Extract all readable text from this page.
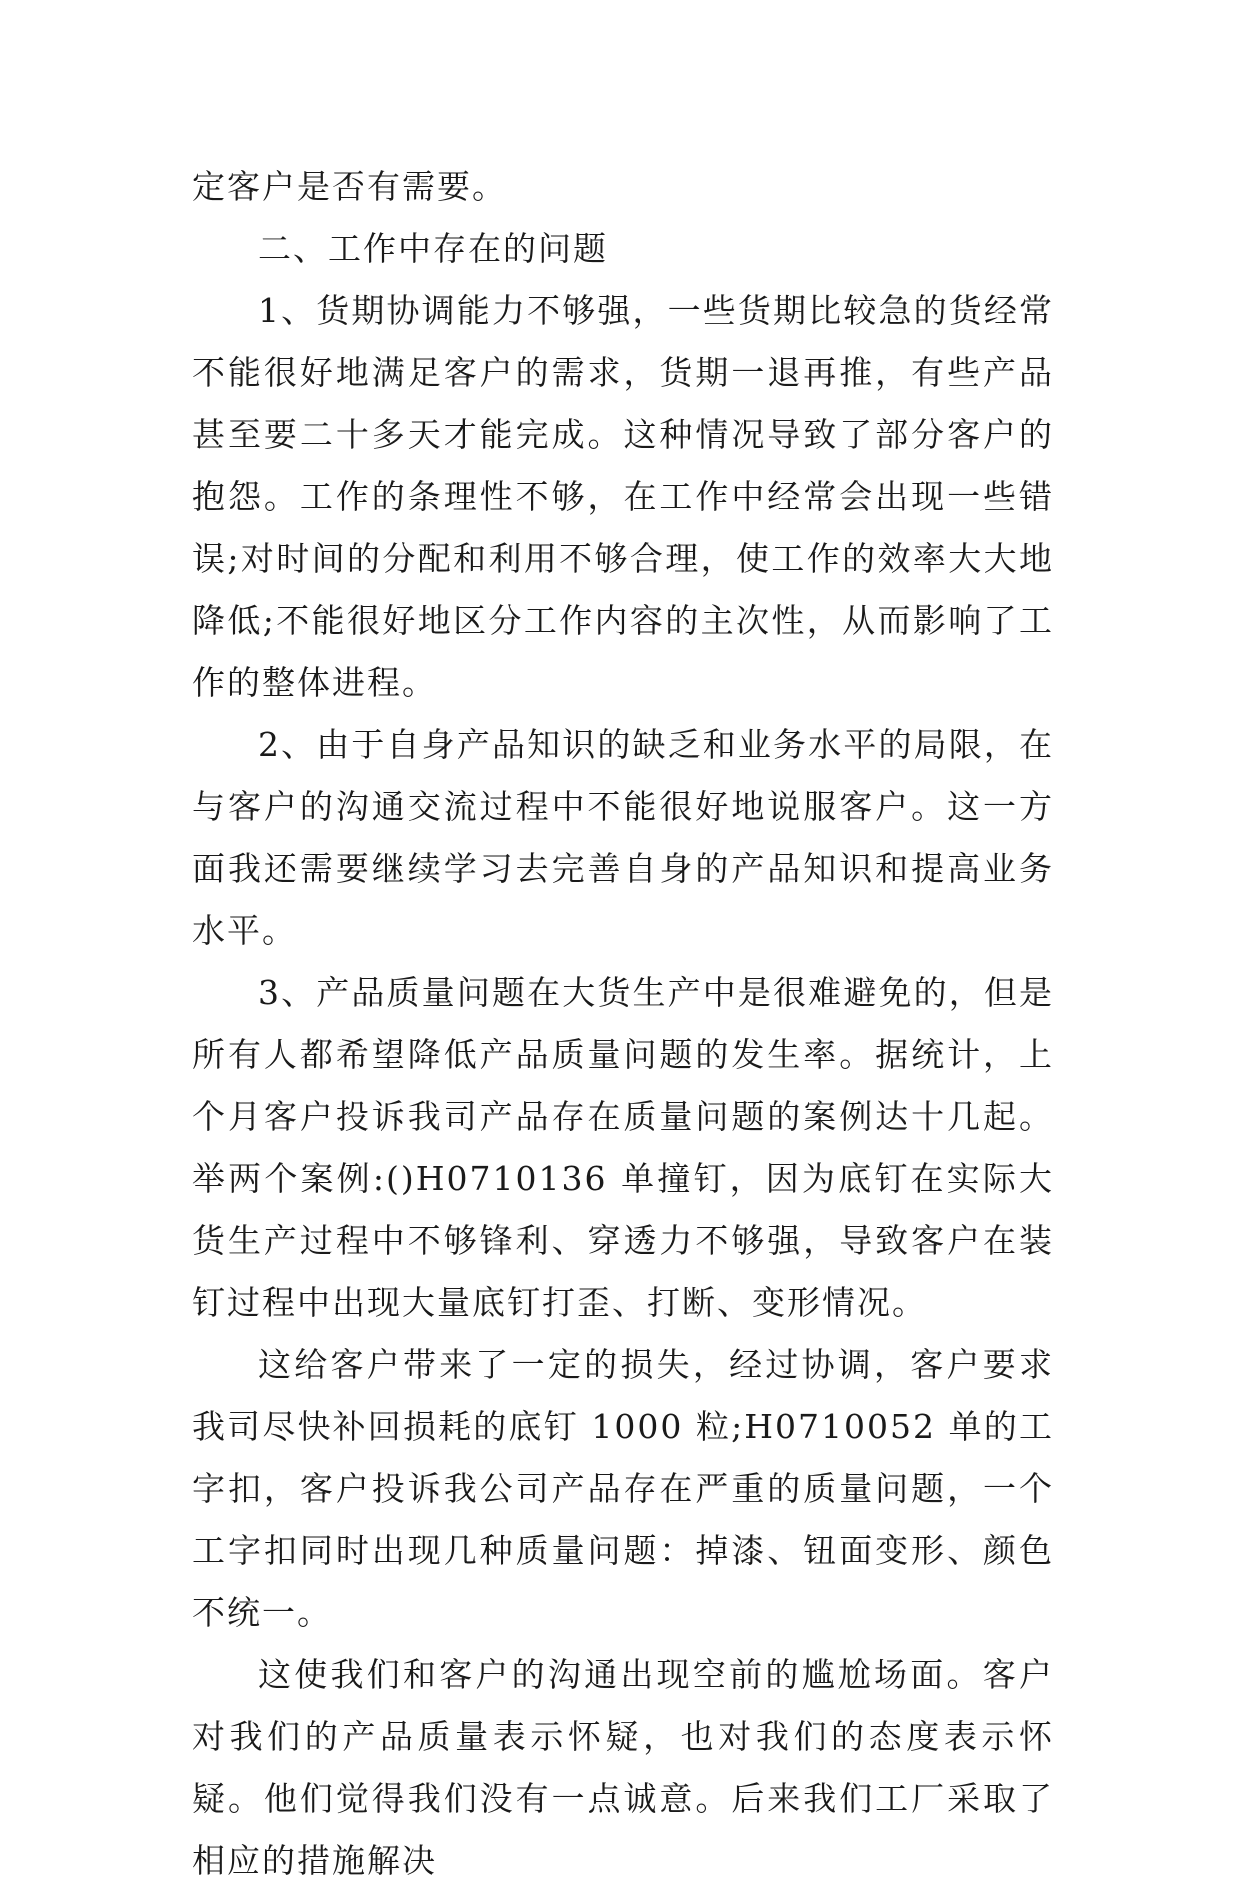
定客户是否有需要。

二、工作中存在的问题

1、货期协调能力不够强，一些货期比较急的货经常不能很好地满足客户的需求，货期一退再推，有些产品甚至要二十多天才能完成。这种情况导致了部分客户的抱怨。工作的条理性不够，在工作中经常会出现一些错误;对时间的分配和利用不够合理，使工作的效率大大地降低;不能很好地区分工作内容的主次性，从而影响了工作的整体进程。

2、由于自身产品知识的缺乏和业务水平的局限，在与客户的沟通交流过程中不能很好地说服客户。这一方面我还需要继续学习去完善自身的产品知识和提高业务水平。

3、产品质量问题在大货生产中是很难避免的，但是所有人都希望降低产品质量问题的发生率。据统计，上个月客户投诉我司产品存在质量问题的案例达十几起。举两个案例:()H0710136 单撞钉，因为底钉在实际大货生产过程中不够锋利、穿透力不够强，导致客户在装钉过程中出现大量底钉打歪、打断、变形情况。

这给客户带来了一定的损失，经过协调，客户要求我司尽快补回损耗的底钉 1000 粒;H0710052 单的工字扣，客户投诉我公司产品存在严重的质量问题，一个工字扣同时出现几种质量问题：掉漆、钮面变形、颜色不统一。

这使我们和客户的沟通出现空前的尴尬场面。客户对我们的产品质量表示怀疑，也对我们的态度表示怀疑。他们觉得我们没有一点诚意。后来我们工厂采取了相应的措施解决
